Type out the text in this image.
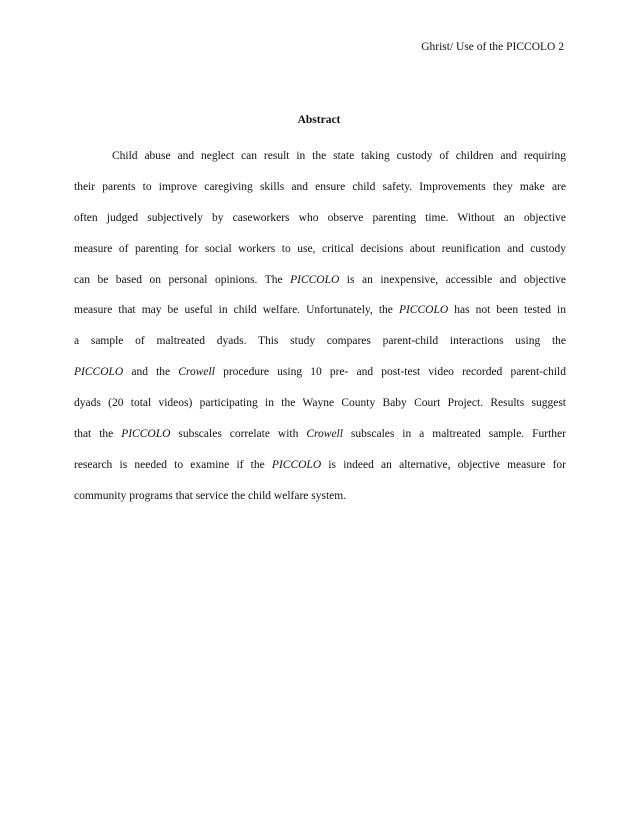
Ghrist/ Use of the PICCOLO 2
Abstract
Child abuse and neglect can result in the state taking custody of children and requiring
their parents to improve caregiving skills and ensure child safety. Improvements they make are
often judged subjectively by caseworkers who observe parenting time. Without an objective
measure of parenting for social workers to use, critical decisions about reunification and custody
can be based on personal opinions. The PICCOLO is an inexpensive, accessible and objective
measure that may be useful in child welfare. Unfortunately, the PICCOLO has not been tested in
a sample of maltreated dyads. This study compares parent-child interactions using the
PICCOLO and the Crowell procedure using 10 pre- and post-test video recorded parent-child
dyads (20 total videos) participating in the Wayne County Baby Court Project. Results suggest
that the PICCOLO subscales correlate with Crowell subscales in a maltreated sample. Further
research is needed to examine if the PICCOLO is indeed an alternative, objective measure for
community programs that service the child welfare system.
